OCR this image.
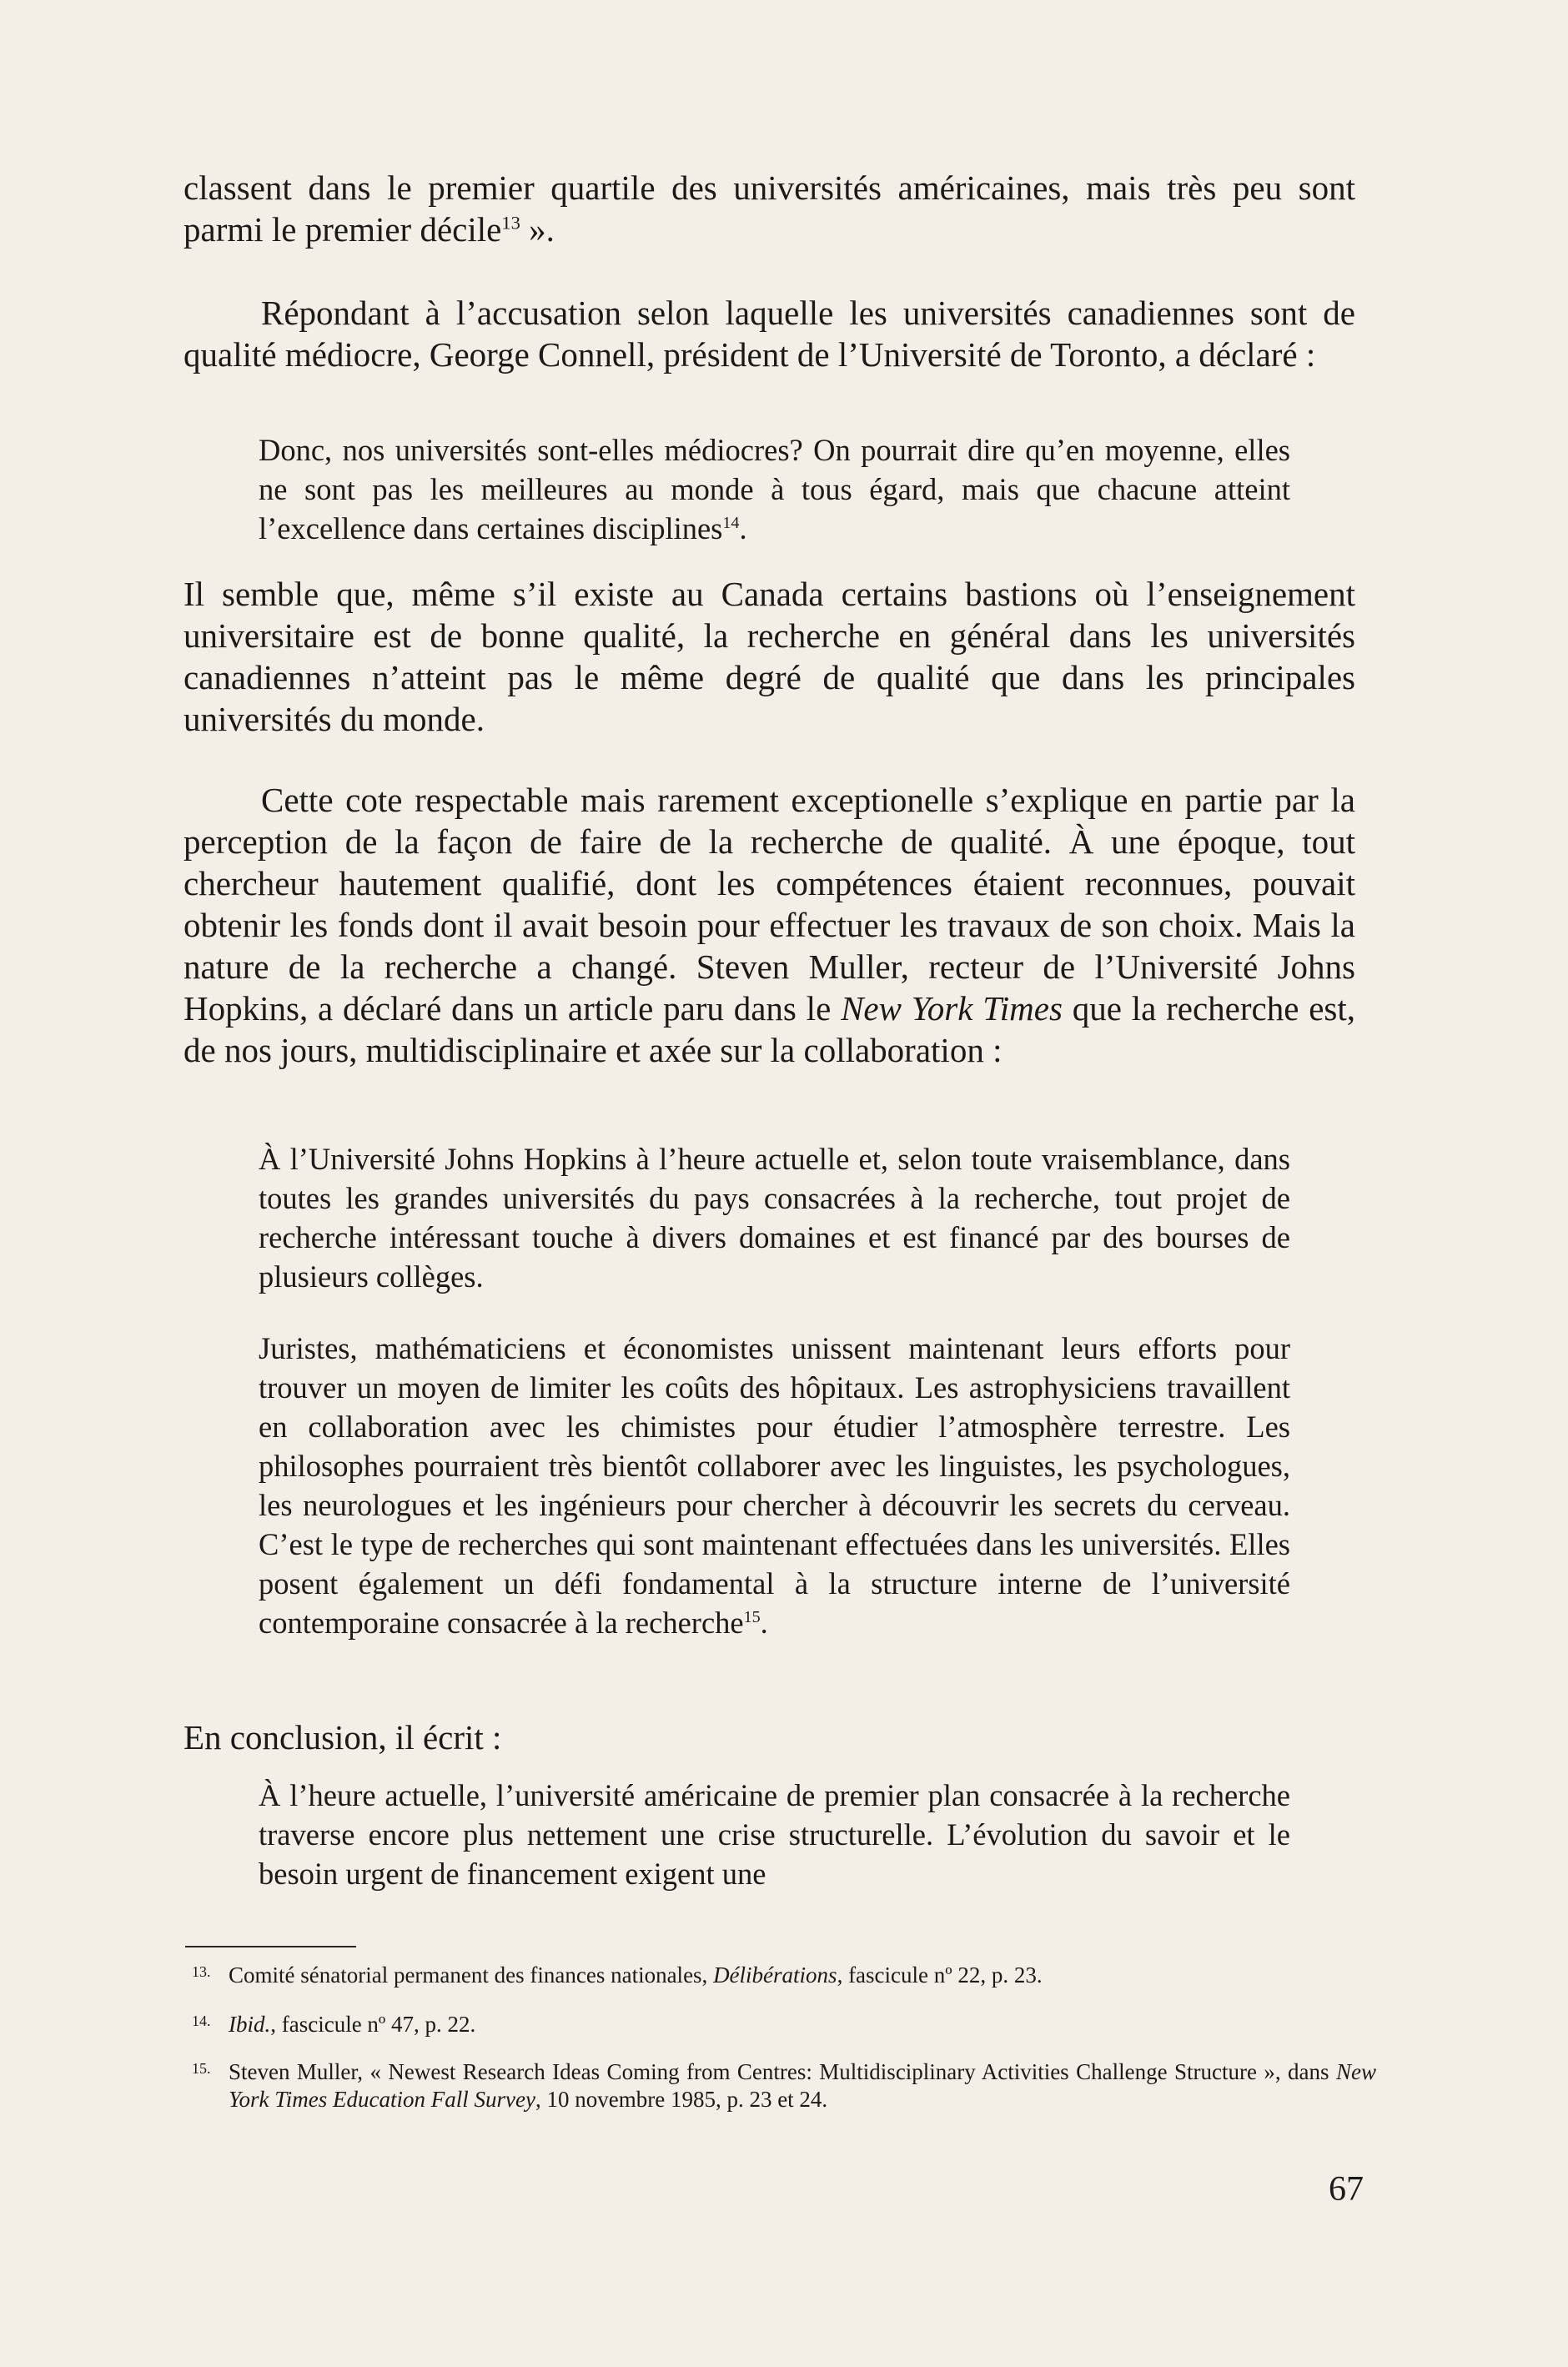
classent dans le premier quartile des universités américaines, mais très peu sont parmi le premier décile$^{13}$ ».

Répondant à l’accusation selon laquelle les universités canadiennes sont de qualité médiocre, George Connell, président de l’Université de Toronto, a déclaré :

Donc, nos universités sont-elles médiocres? On pourrait dire qu’en moyenne, elles ne sont pas les meilleures au monde à tous égard, mais que chacune atteint l’excellence dans certaines disciplines$^{14}$.

Il semble que, même s’il existe au Canada certains bastions où l’enseignement universitaire est de bonne qualité, la recherche en général dans les universités canadiennes n’atteint pas le même degré de qualité que dans les principales universités du monde.

Cette cote respectable mais rarement exceptionelle s’explique en partie par la perception de la façon de faire de la recherche de qualité. À une époque, tout chercheur hautement qualifié, dont les compétences étaient reconnues, pouvait obtenir les fonds dont il avait besoin pour effectuer les travaux de son choix. Mais la nature de la recherche a changé. Steven Muller, recteur de l’Université Johns Hopkins, a déclaré dans un article paru dans le New York Times que la recherche est, de nos jours, multidisciplinaire et axée sur la collaboration :

À l’Université Johns Hopkins à l’heure actuelle et, selon toute vraisemblance, dans toutes les grandes universités du pays consacrées à la recherche, tout projet de recherche intéressant touche à divers domaines et est financé par des bourses de plusieurs collèges.

Juristes, mathématiciens et économistes unissent maintenant leurs efforts pour trouver un moyen de limiter les coûts des hôpitaux. Les astrophysiciens travaillent en collaboration avec les chimistes pour étudier l’atmosphère terrestre. Les philosophes pourraient très bientôt collaborer avec les linguistes, les psychologues, les neurologues et les ingénieurs pour chercher à découvrir les secrets du cerveau. C’est le type de recherches qui sont maintenant effectuées dans les universités. Elles posent également un défi fondamental à la structure interne de l’université contemporaine consacrée à la recherche$^{15}$.

En conclusion, il écrit :

À l’heure actuelle, l’université américaine de premier plan consacrée à la recherche traverse encore plus nettement une crise structurelle. L’évolution du savoir et le besoin urgent de financement exigent une

13. Comité sénatorial permanent des finances nationales, Délibérations, fascicule nº 22, p. 23.

14. Ibid., fascicule nº 47, p. 22.

15. Steven Muller, « Newest Research Ideas Coming from Centres: Multidisciplinary Activities Challenge Structure », dans New York Times Education Fall Survey, 10 novembre 1985, p. 23 et 24.

67
